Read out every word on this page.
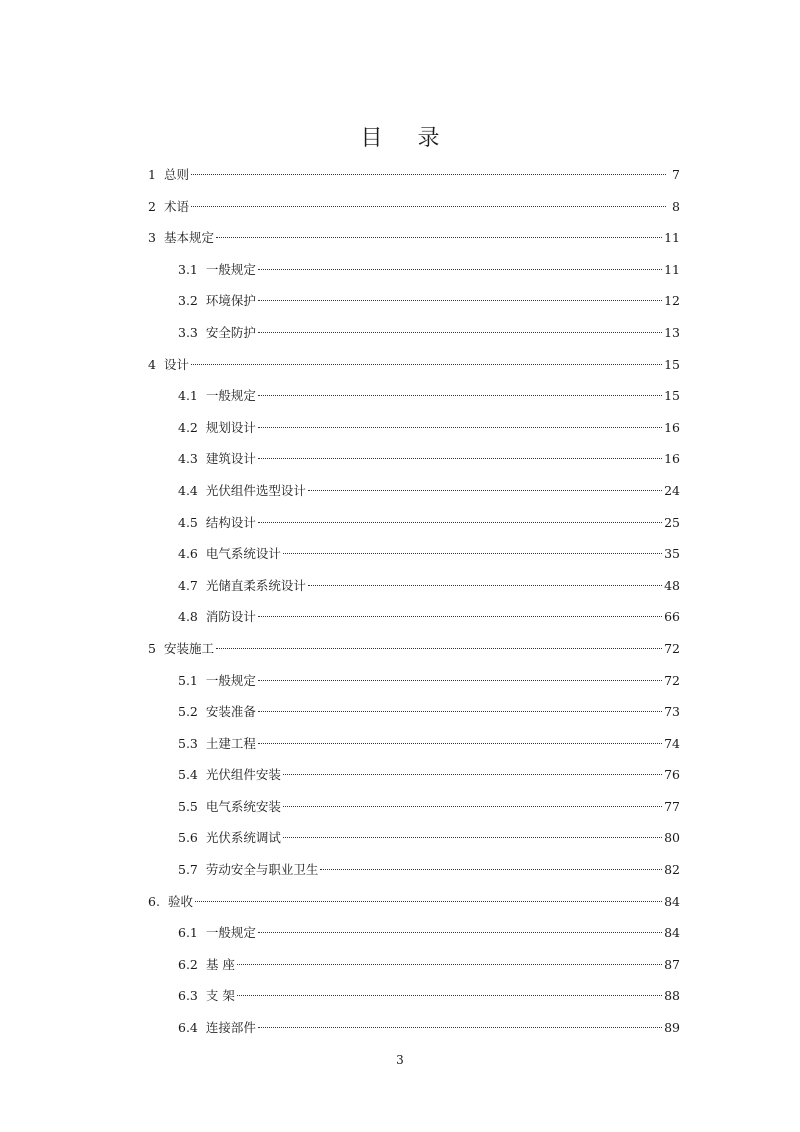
目 录
1 总则	7
2 术语	8
3 基本规定	11
3.1 一般规定	11
3.2 环境保护	12
3.3 安全防护	13
4 设计	15
4.1 一般规定	15
4.2 规划设计	16
4.3 建筑设计	16
4.4 光伏组件选型设计	24
4.5 结构设计	25
4.6 电气系统设计	35
4.7 光储直柔系统设计	48
4.8 消防设计	66
5 安装施工	72
5.1 一般规定	72
5.2 安装准备	73
5.3 土建工程	74
5.4 光伏组件安装	76
5.5 电气系统安装	77
5.6 光伏系统调试	80
5.7 劳动安全与职业卫生	82
6. 验收	84
6.1 一般规定	84
6.2 基 座	87
6.3 支 架	88
6.4 连接部件	89
3
